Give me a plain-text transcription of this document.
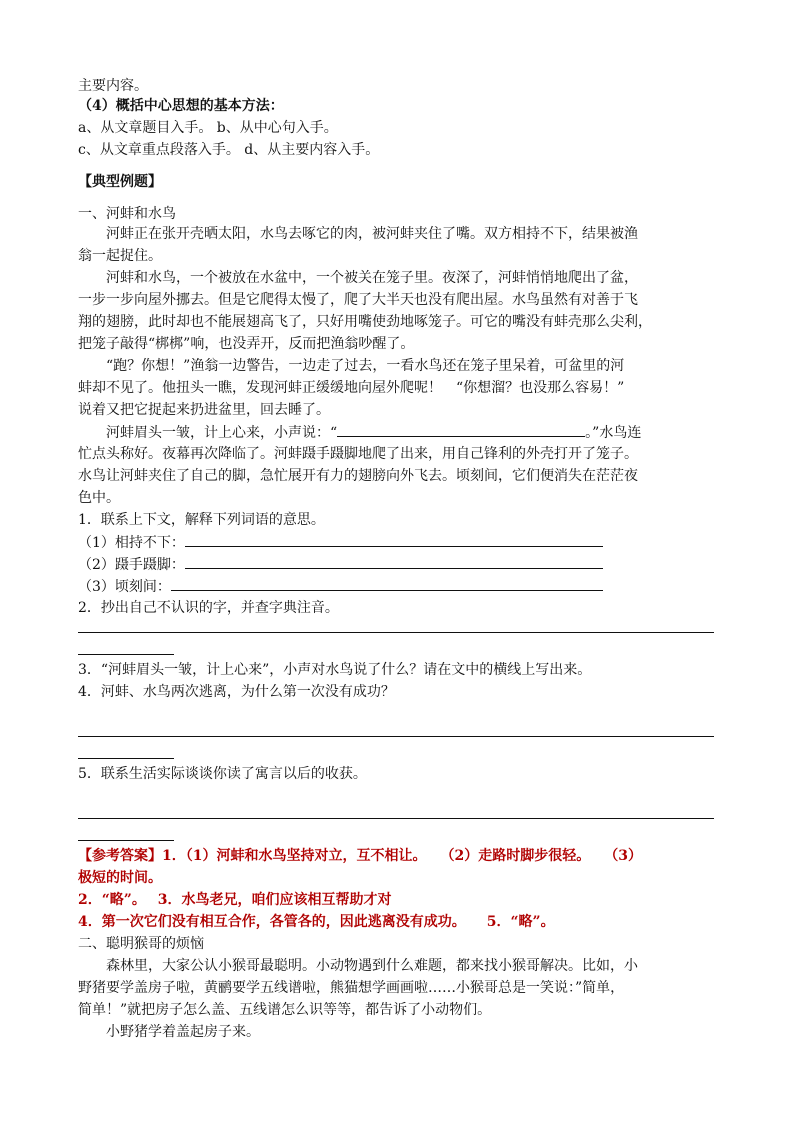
主要内容。
（4）概括中心思想的基本方法：
a、从文章题目入手。 b、从中心句入手。
c、从文章重点段落入手。 d、从主要内容入手。
【典型例题】
一、河蚌和水鸟
　　河蚌正在张开壳晒太阳，水鸟去啄它的肉，被河蚌夹住了嘴。双方相持不下，结果被渔
翁一起捉住。
　　河蚌和水鸟，一个被放在水盆中，一个被关在笼子里。夜深了，河蚌悄悄地爬出了盆，
一步一步向屋外挪去。但是它爬得太慢了，爬了大半天也没有爬出屋。水鸟虽然有对善于飞
翔的翅膀，此时却也不能展翅高飞了，只好用嘴使劲地啄笼子。可它的嘴没有蚌壳那么尖利，
把笼子敲得“梆梆”响，也没弄开，反而把渔翁吵醒了。
　　“跑？你想！”渔翁一边警告，一边走了过去，一看水鸟还在笼子里呆着，可盆里的河
蚌却不见了。他扭头一瞧，发现河蚌正缓缓地向屋外爬呢！　“你想溜？也没那么容易！”
说着又把它捉起来扔进盆里，回去睡了。
　　河蚌眉头一皱，计上心来，小声说：“	。”水鸟连
忙点头称好。夜幕再次降临了。河蚌蹑手蹑脚地爬了出来，用自己锋利的外壳打开了笼子。
水鸟让河蚌夹住了自己的脚，急忙展开有力的翅膀向外飞去。顷刻间，它们便消失在茫茫夜
色中。
1．联系上下文，解释下列词语的意思。
（1）相持不下：
（2）蹑手蹑脚：
（3）顷刻间：
2．抄出自己不认识的字，并查字典注音。
3．“河蚌眉头一皱，计上心来”，小声对水鸟说了什么？请在文中的横线上写出来。
4．河蚌、水鸟两次逃离，为什么第一次没有成功？
5．联系生活实际谈谈你读了寓言以后的收获。
【参考答案】1．（1）河蚌和水鸟坚持对立，互不相让。　　（2）走路时脚步很轻。　　（3）
极短的时间。
2．“略”。　 3．水鸟老兄，咱们应该相互帮助才对
4．第一次它们没有相互合作，各管各的，因此逃离没有成功。　　5．“略”。
二、聪明猴哥的烦恼
　　森林里，大家公认小猴哥最聪明。小动物遇到什么难题，都来找小猴哥解决。比如，小
野猪要学盖房子啦，黄鹂要学五线谱啦，熊猫想学画画啦……小猴哥总是一笑说：”简单，
简单！”就把房子怎么盖、五线谱怎么识等等，都告诉了小动物们。
　　小野猪学着盖起房子来。
